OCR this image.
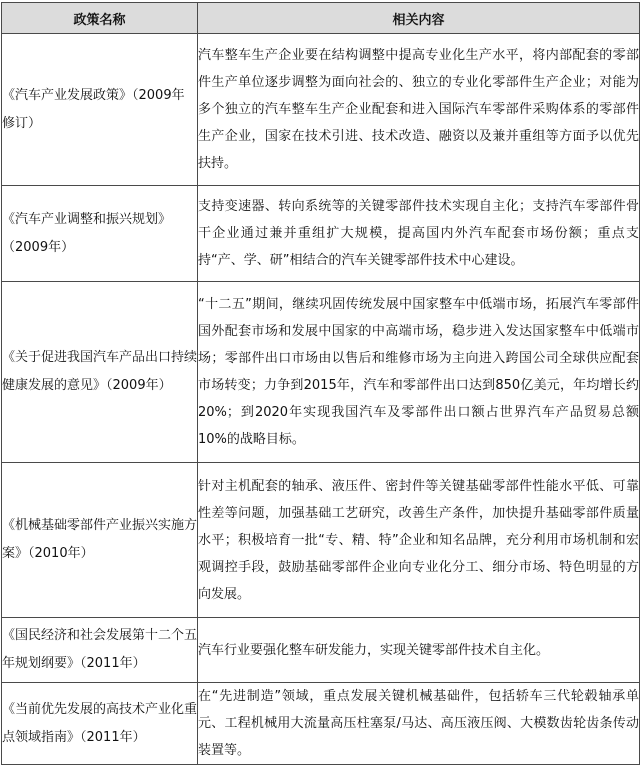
政策名称	相关内容
《汽车产业发展政策》（2009年修订）	汽车整车生产企业要在结构调整中提高专业化生产水平，将内部配套的零部件生产单位逐步调整为面向社会的、独立的专业化零部件生产企业；对能为多个独立的汽车整车生产企业配套和进入国际汽车零部件采购体系的零部件生产企业，国家在技术引进、技术改造、融资以及兼并重组等方面予以优先扶持。
《汽车产业调整和振兴规划》（2009年）	支持变速器、转向系统等的关键零部件技术实现自主化；支持汽车零部件骨干企业通过兼并重组扩大规模，提高国内外汽车配套市场份额；重点支持“产、学、研”相结合的汽车关键零部件技术中心建设。
《关于促进我国汽车产品出口持续健康发展的意见》（2009年）	“十二五”期间，继续巩固传统发展中国家整车中低端市场，拓展汽车零部件国外配套市场和发展中国家的中高端市场，稳步进入发达国家整车中低端市场；零部件出口市场由以售后和维修市场为主向进入跨国公司全球供应配套市场转变；力争到2015年，汽车和零部件出口达到850亿美元，年均增长约20%；到2020年实现我国汽车及零部件出口额占世界汽车产品贸易总额10%的战略目标。
《机械基础零部件产业振兴实施方案》（2010年）	针对主机配套的轴承、液压件、密封件等关键基础零部件性能水平低、可靠性差等问题，加强基础工艺研究，改善生产条件，加快提升基础零部件质量水平；积极培育一批“专、精、特”企业和知名品牌，充分利用市场机制和宏观调控手段，鼓励基础零部件企业向专业化分工、细分市场、特色明显的方向发展。
《国民经济和社会发展第十二个五年规划纲要》（2011年）	汽车行业要强化整车研发能力，实现关键零部件技术自主化。
《当前优先发展的高技术产业化重点领域指南》（2011年）	在“先进制造”领域，重点发展关键机械基础件，包括轿车三代轮毂轴承单元、工程机械用大流量高压柱塞泵/马达、高压液压阀、大模数齿轮齿条传动装置等。
